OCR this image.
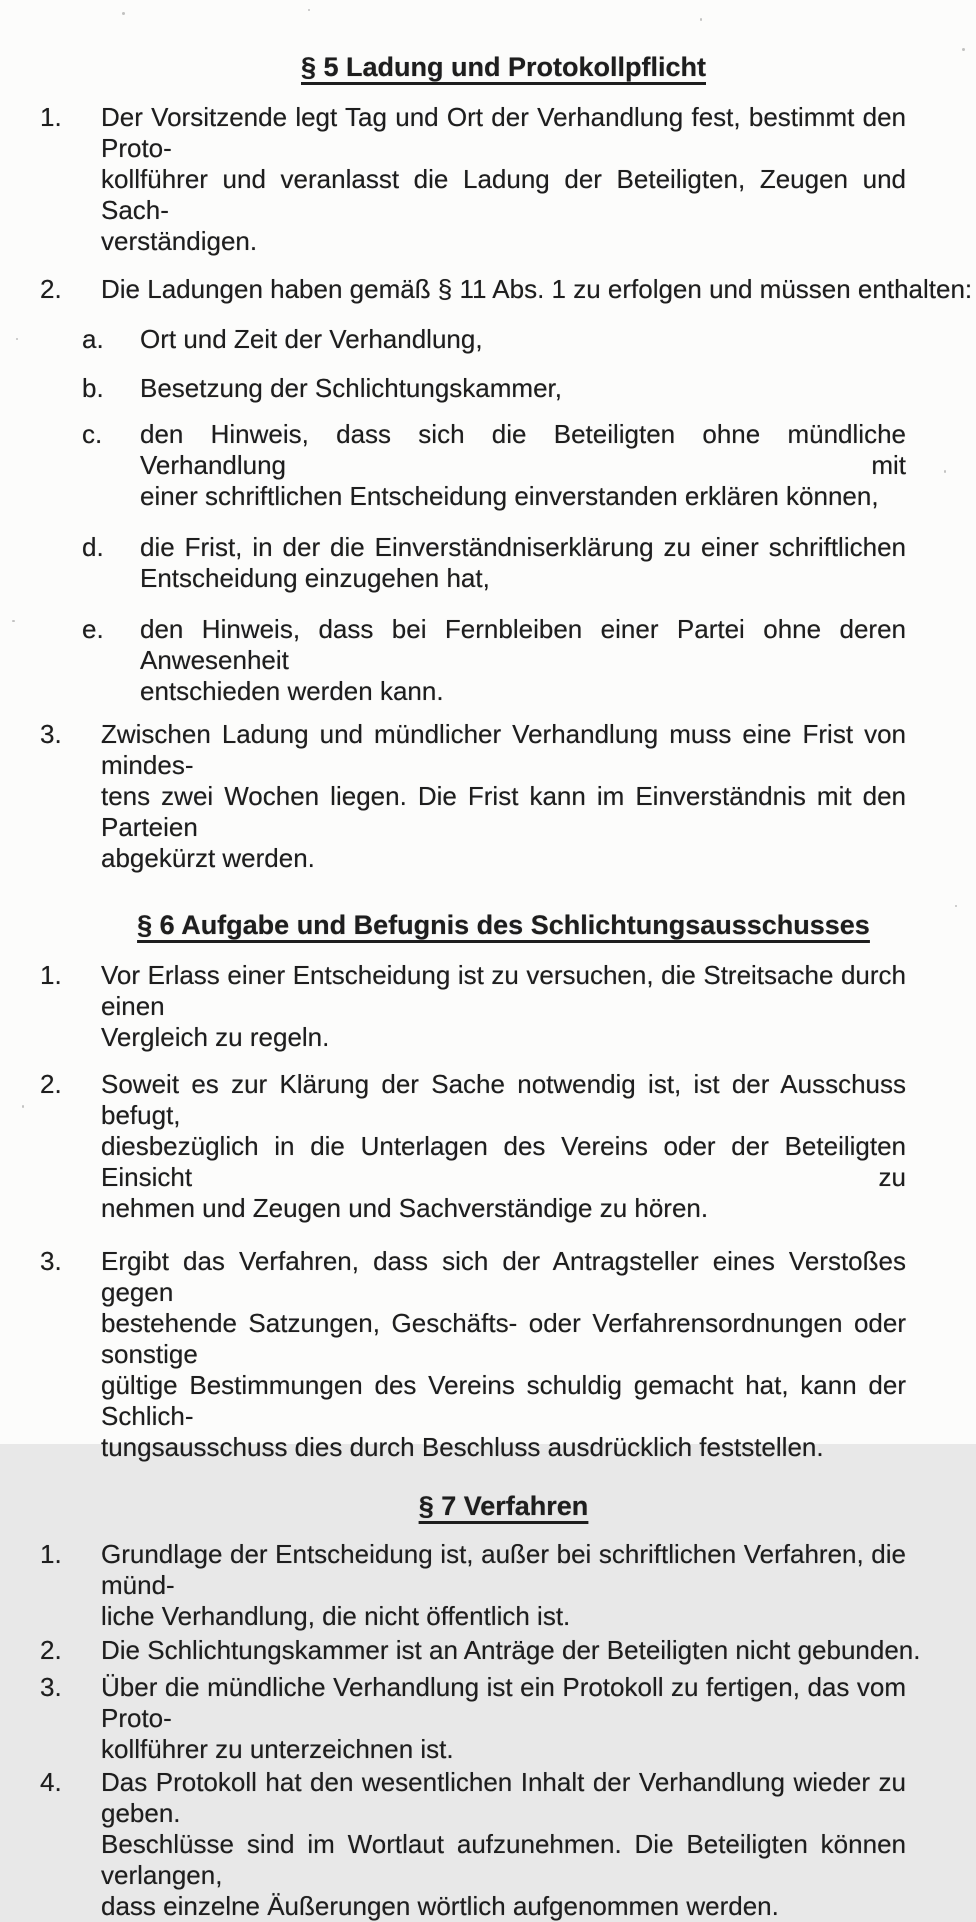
§ 5 Ladung und Protokollpflicht
1.	Der Vorsitzende legt Tag und Ort der Verhandlung fest, bestimmt den Proto-
kollführer und veranlasst die Ladung der Beteiligten, Zeugen und Sach-
verständigen.
2.	Die Ladungen haben gemäß § 11 Abs. 1 zu erfolgen und müssen enthalten:
a.	Ort und Zeit der Verhandlung,
b.	Besetzung der Schlichtungskammer,
c.	den Hinweis, dass sich die Beteiligten ohne mündliche Verhandlung mit
einer schriftlichen Entscheidung einverstanden erklären können,
d.	die Frist, in der die Einverständniserklärung zu einer schriftlichen
Entscheidung einzugehen hat,
e.	den Hinweis, dass bei Fernbleiben einer Partei ohne deren Anwesenheit
entschieden werden kann.
3.	Zwischen Ladung und mündlicher Verhandlung muss eine Frist von mindes-
tens zwei Wochen liegen. Die Frist kann im Einverständnis mit den Parteien
abgekürzt werden.
§ 6 Aufgabe und Befugnis des Schlichtungsausschusses
1.	Vor Erlass einer Entscheidung ist zu versuchen, die Streitsache durch einen
Vergleich zu regeln.
2.	Soweit es zur Klärung der Sache notwendig ist, ist der Ausschuss befugt,
diesbezüglich in die Unterlagen des Vereins oder der Beteiligten Einsicht zu
nehmen und Zeugen und Sachverständige zu hören.
3.	Ergibt das Verfahren, dass sich der Antragsteller eines Verstoßes gegen
bestehende Satzungen, Geschäfts- oder Verfahrensordnungen oder sonstige
gültige Bestimmungen des Vereins schuldig gemacht hat, kann der Schlich-
tungsausschuss dies durch Beschluss ausdrücklich feststellen.
§ 7 Verfahren
1.	Grundlage der Entscheidung ist, außer bei schriftlichen Verfahren, die münd-
liche Verhandlung, die nicht öffentlich ist.
2.	Die Schlichtungskammer ist an Anträge der Beteiligten nicht gebunden.
3.	Über die mündliche Verhandlung ist ein Protokoll zu fertigen, das vom Proto-
kollführer zu unterzeichnen ist.
4.	Das Protokoll hat den wesentlichen Inhalt der Verhandlung wieder zu geben.
Beschlüsse sind im Wortlaut aufzunehmen. Die Beteiligten können verlangen,
dass einzelne Äußerungen wörtlich aufgenommen werden.
